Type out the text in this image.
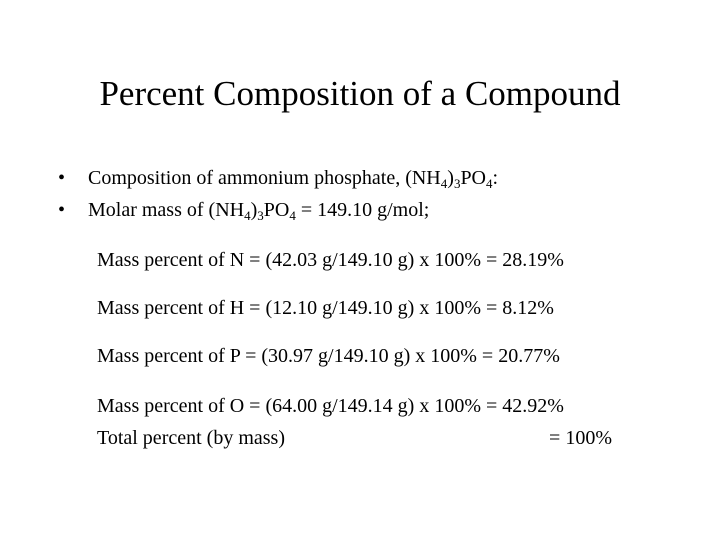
Percent Composition of a Compound
• Composition of ammonium phosphate, $(NH_4)_3PO_4$:
• Molar mass of $(NH_4)_3PO_4 = 149.10$ g/mol;
Mass percent of N = (42.03 g/149.10 g) x 100% = 28.19%
Mass percent of H = (12.10 g/149.10 g) x 100% = 8.12%
Mass percent of P = (30.97 g/149.10 g) x 100% = 20.77%
Mass percent of O = (64.00 g/149.14 g) x 100% = 42.92%
Total percent (by mass)	= 100%
